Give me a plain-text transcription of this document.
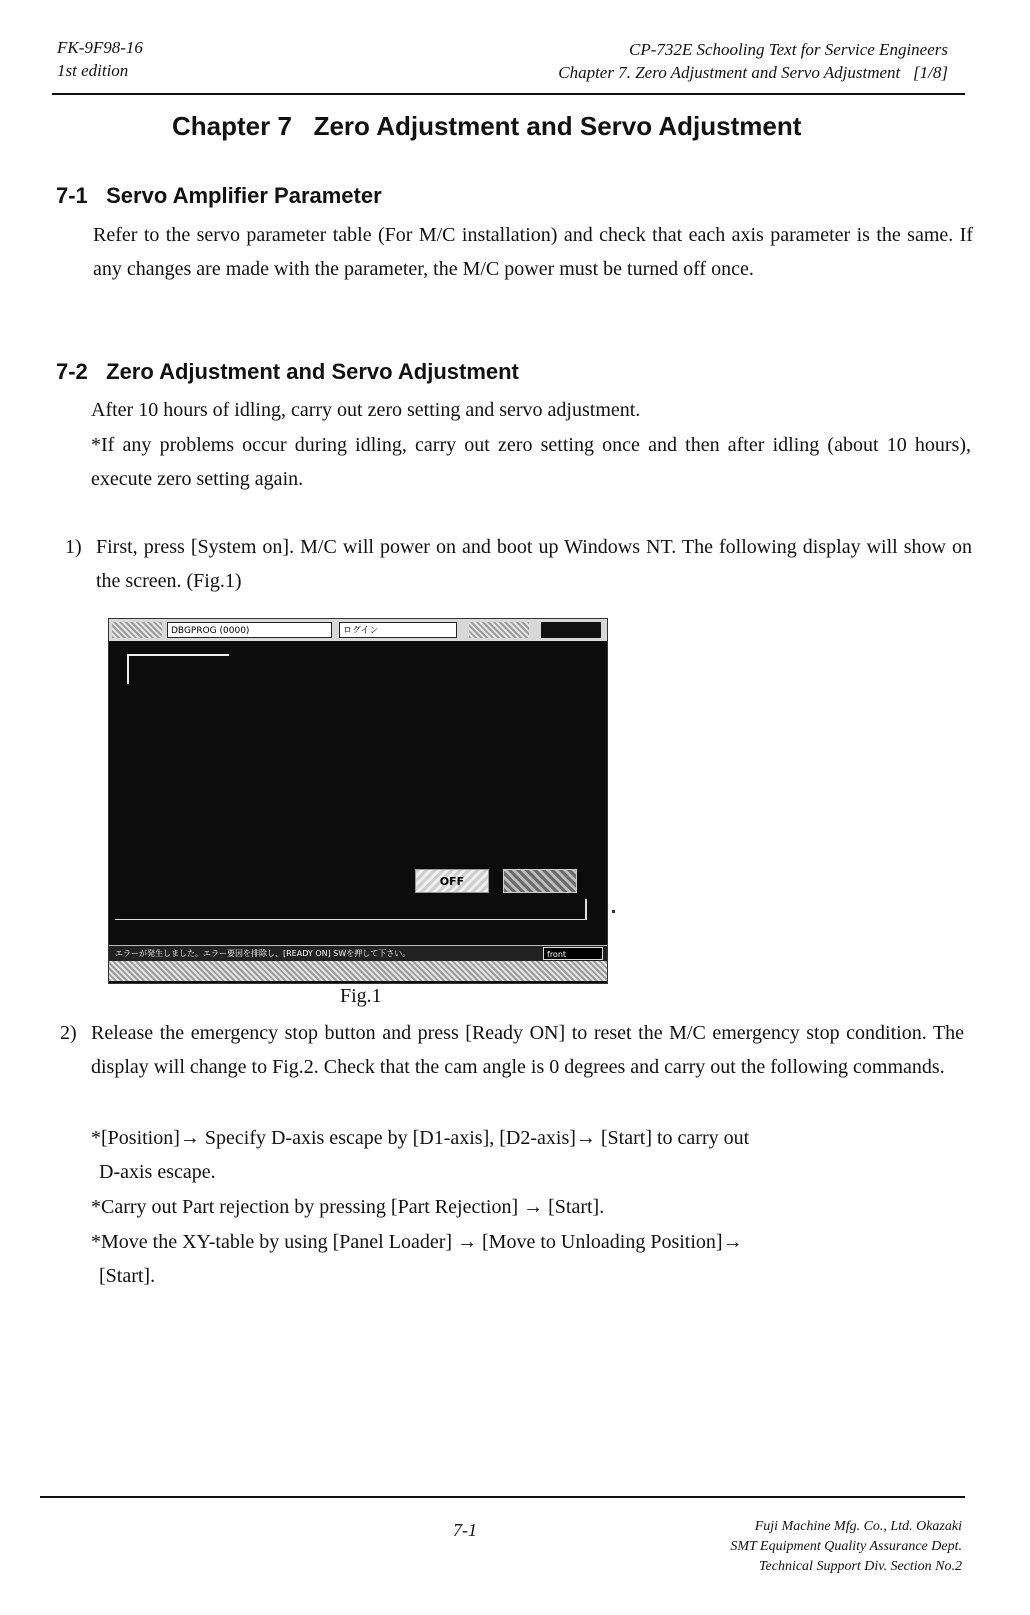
FK-9F98-16
1st edition
CP-732E Schooling Text for Service Engineers
Chapter 7. Zero Adjustment and Servo Adjustment   [1/8]
Chapter 7   Zero Adjustment and Servo Adjustment
7-1   Servo Amplifier Parameter
Refer to the servo parameter table (For M/C installation) and check that each axis parameter is the same. If any changes are made with the parameter, the M/C power must be turned off once.
7-2   Zero Adjustment and Servo Adjustment
After 10 hours of idling, carry out zero setting and servo adjustment.
*If any problems occur during idling, carry out zero setting once and then after idling (about 10 hours), execute zero setting again.
1) First, press [System on]. M/C will power on and boot up Windows NT. The following display will show on the screen. (Fig.1)
DBGPROG (0000)	ログイン
OFF
エラーが発生しました。エラー要因を排除し、[READY ON] SWを押して下さい。	front
Fig.1
2) Release the emergency stop button and press [Ready ON] to reset the M/C emergency stop condition. The display will change to Fig.2. Check that the cam angle is 0 degrees and carry out the following commands.
*[Position]→ Specify D-axis escape by [D1-axis], [D2-axis]→ [Start] to carry out
D-axis escape.
*Carry out Part rejection by pressing [Part Rejection] → [Start].
*Move the XY-table by using [Panel Loader] → [Move to Unloading Position]→
[Start].
7-1	Fuji Machine Mfg. Co., Ltd. Okazaki
SMT Equipment Quality Assurance Dept.
Technical Support Div. Section No.2
